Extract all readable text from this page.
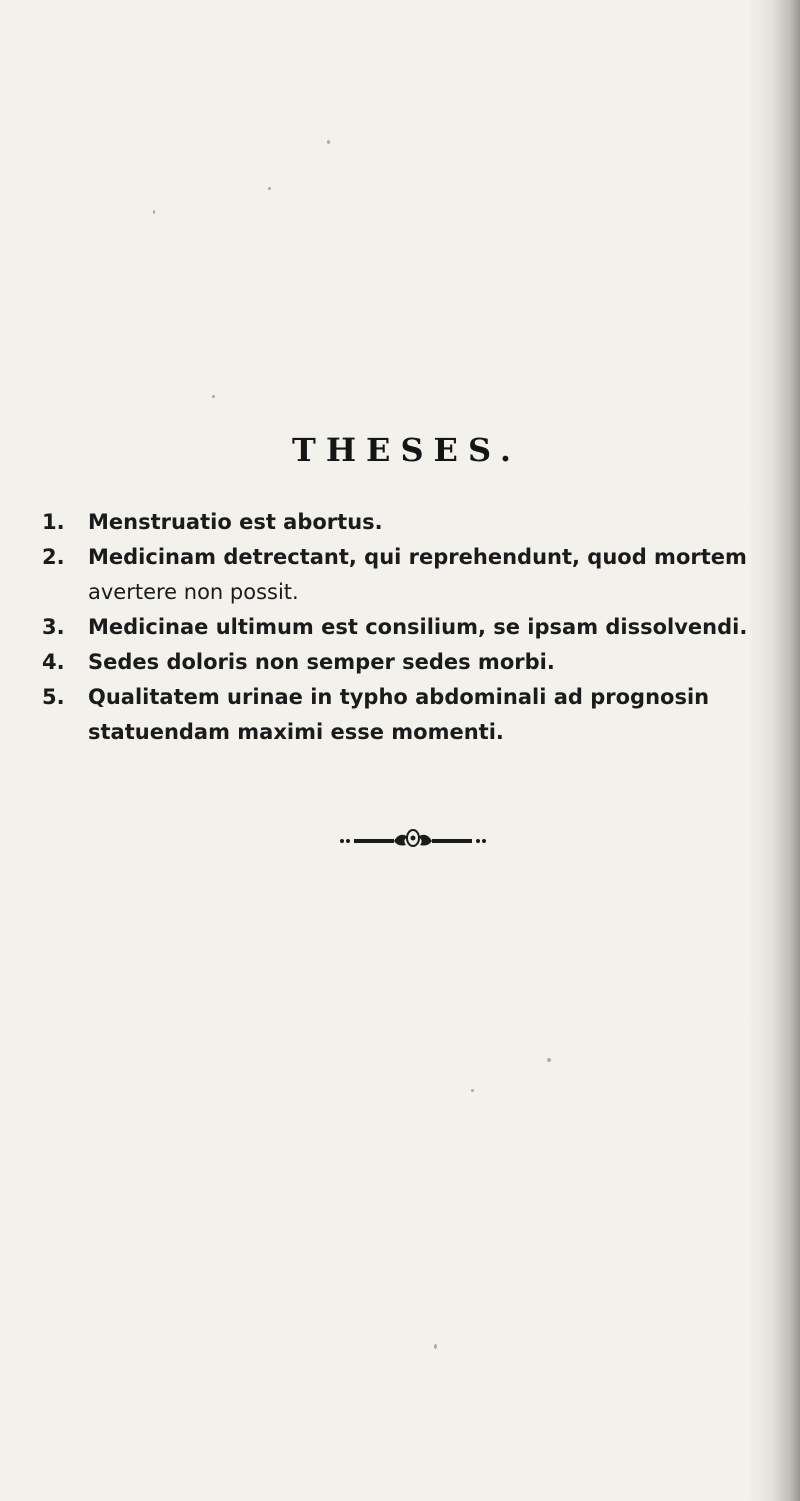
THESES.
1.	Menstruatio est abortus.
2.	Medicinam detrectant, qui reprehendunt, quod mortem
avertere non possit.
3.	Medicinae ultimum est consilium, se ipsam dissolvendi.
4.	Sedes doloris non semper sedes morbi.
5.	Qualitatem urinae in typho abdominali ad prognosin
statuendam maximi esse momenti.
